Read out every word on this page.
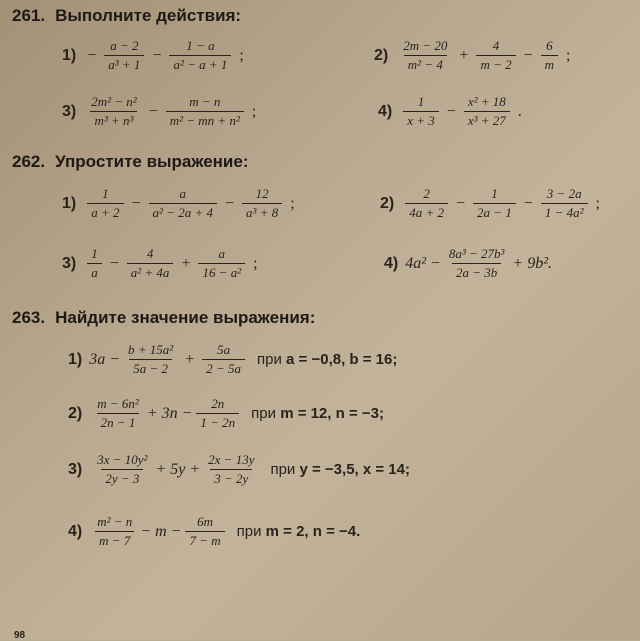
261. Выполните действия:
$1) - \frac{a - 2}{\text{a³ + 1}} - \frac{1 - a}{\text{a² − a + 1}}$ ;	$2) \frac{2m - 20}{\text{m² − 4}} + \frac{4}{m - 2} - \frac{6}{m}$ ;
$3) \frac{\text{2m² − n²}}{\text{m³ + n³}} - \frac{m - n}{\text{m² − mn + n²}}$ ;	$4) \frac{1}{x + 3} - \frac{\text{x² + 18}}{\text{x³ + 27}}$ .
262. Упростите выражение:
$1) \frac{1}{a + 2} - \frac{a}{\text{a² − 2a + 4}} - \frac{12}{\text{a³ + 8}}$ ;	$2) \frac{2}{4a + 2} - \frac{1}{2a - 1} - \frac{3 - 2a}{\text{1 − 4a²}}$ ;
$3) \frac{1}{a} - \frac{4}{\text{a² + 4a}} + \frac{a}{\text{16 − a²}}$ ;	4) $4a^2 - \frac{\text{8a³ − 27b³}}{2a - 3b} + 9b^2$.
263. Найдите значение выражения:
1) $3a - \frac{\text{b + 15a²}}{5a - 2} + \frac{5a}{2 - 5a}$ при a = −0,8, b = 16;
$2) \frac{\text{m − 6n²}}{2n - 1} + 3n - \frac{2n}{1 - 2n}$ при m = 12, n = −3;
$3) \frac{\text{3x − 10y²}}{2y - 3} + 5y + \frac{2x - 13y}{3 - 2y}$ при y = −3,5, x = 14;
$4) \frac{\text{m² − n}}{m - 7} - m - \frac{6m}{7 - m}$ при m = 2, n = −4.
98
